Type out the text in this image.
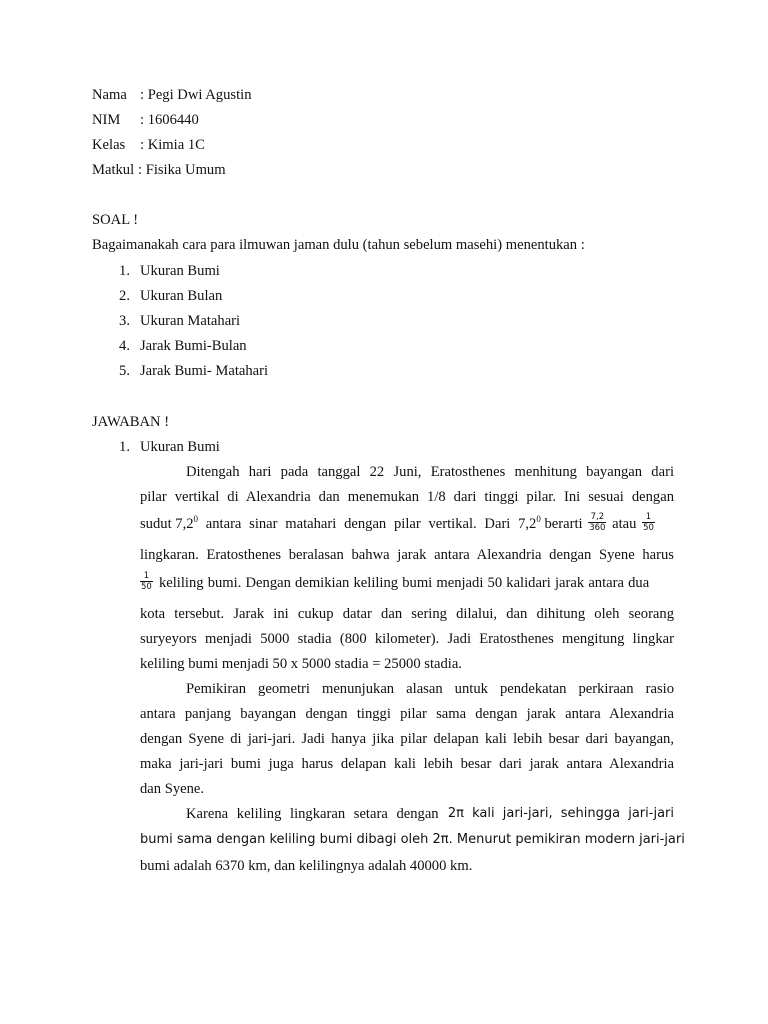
Nama : Pegi Dwi Agustin
NIM : 1606440
Kelas : Kimia 1C
Matkul : Fisika Umum
SOAL !
Bagaimanakah cara para ilmuwan jaman dulu (tahun sebelum masehi) menentukan :
1. Ukuran Bumi
2. Ukuran Bulan
3. Ukuran Matahari
4. Jarak Bumi-Bulan
5. Jarak Bumi- Matahari
JAWABAN !
1. Ukuran Bumi
Ditengah hari pada tanggal 22 Juni, Eratosthenes menhitung bayangan dari
pilar vertikal di Alexandria dan menemukan 1/8 dari tinggi pilar. Ini sesuai dengan
sudut $7,2^0$ antara sinar matahari dengan pilar vertikal. Dari $7,2^0$ berarti $\frac{7,2}{360}$ atau $\frac{1}{50}$
lingkaran. Eratosthenes beralasan bahwa jarak antara Alexandria dengan Syene harus
$\frac{1}{50}$ keliling bumi. Dengan demikian keliling bumi menjadi 50 kalidari jarak antara dua
kota tersebut. Jarak ini cukup datar dan sering dilalui, dan dihitung oleh seorang
suryeyors menjadi 5000 stadia (800 kilometer). Jadi Eratosthenes mengitung lingkar
keliling bumi menjadi 50 x 5000 stadia = 25000 stadia.
Pemikiran geometri menunjukan alasan untuk pendekatan perkiraan rasio
antara panjang bayangan dengan tinggi pilar sama dengan jarak antara Alexandria
dengan Syene di jari-jari. Jadi hanya jika pilar delapan kali lebih besar dari bayangan,
maka jari-jari bumi juga harus delapan kali lebih besar dari jarak antara Alexandria
dan Syene.
Karena keliling lingkaran setara dengan 2π kali jari-jari, sehingga jari-jari
bumi sama dengan keliling bumi dibagi oleh 2π. Menurut pemikiran modern jari-jari
bumi adalah 6370 km, dan kelilingnya adalah 40000 km.
